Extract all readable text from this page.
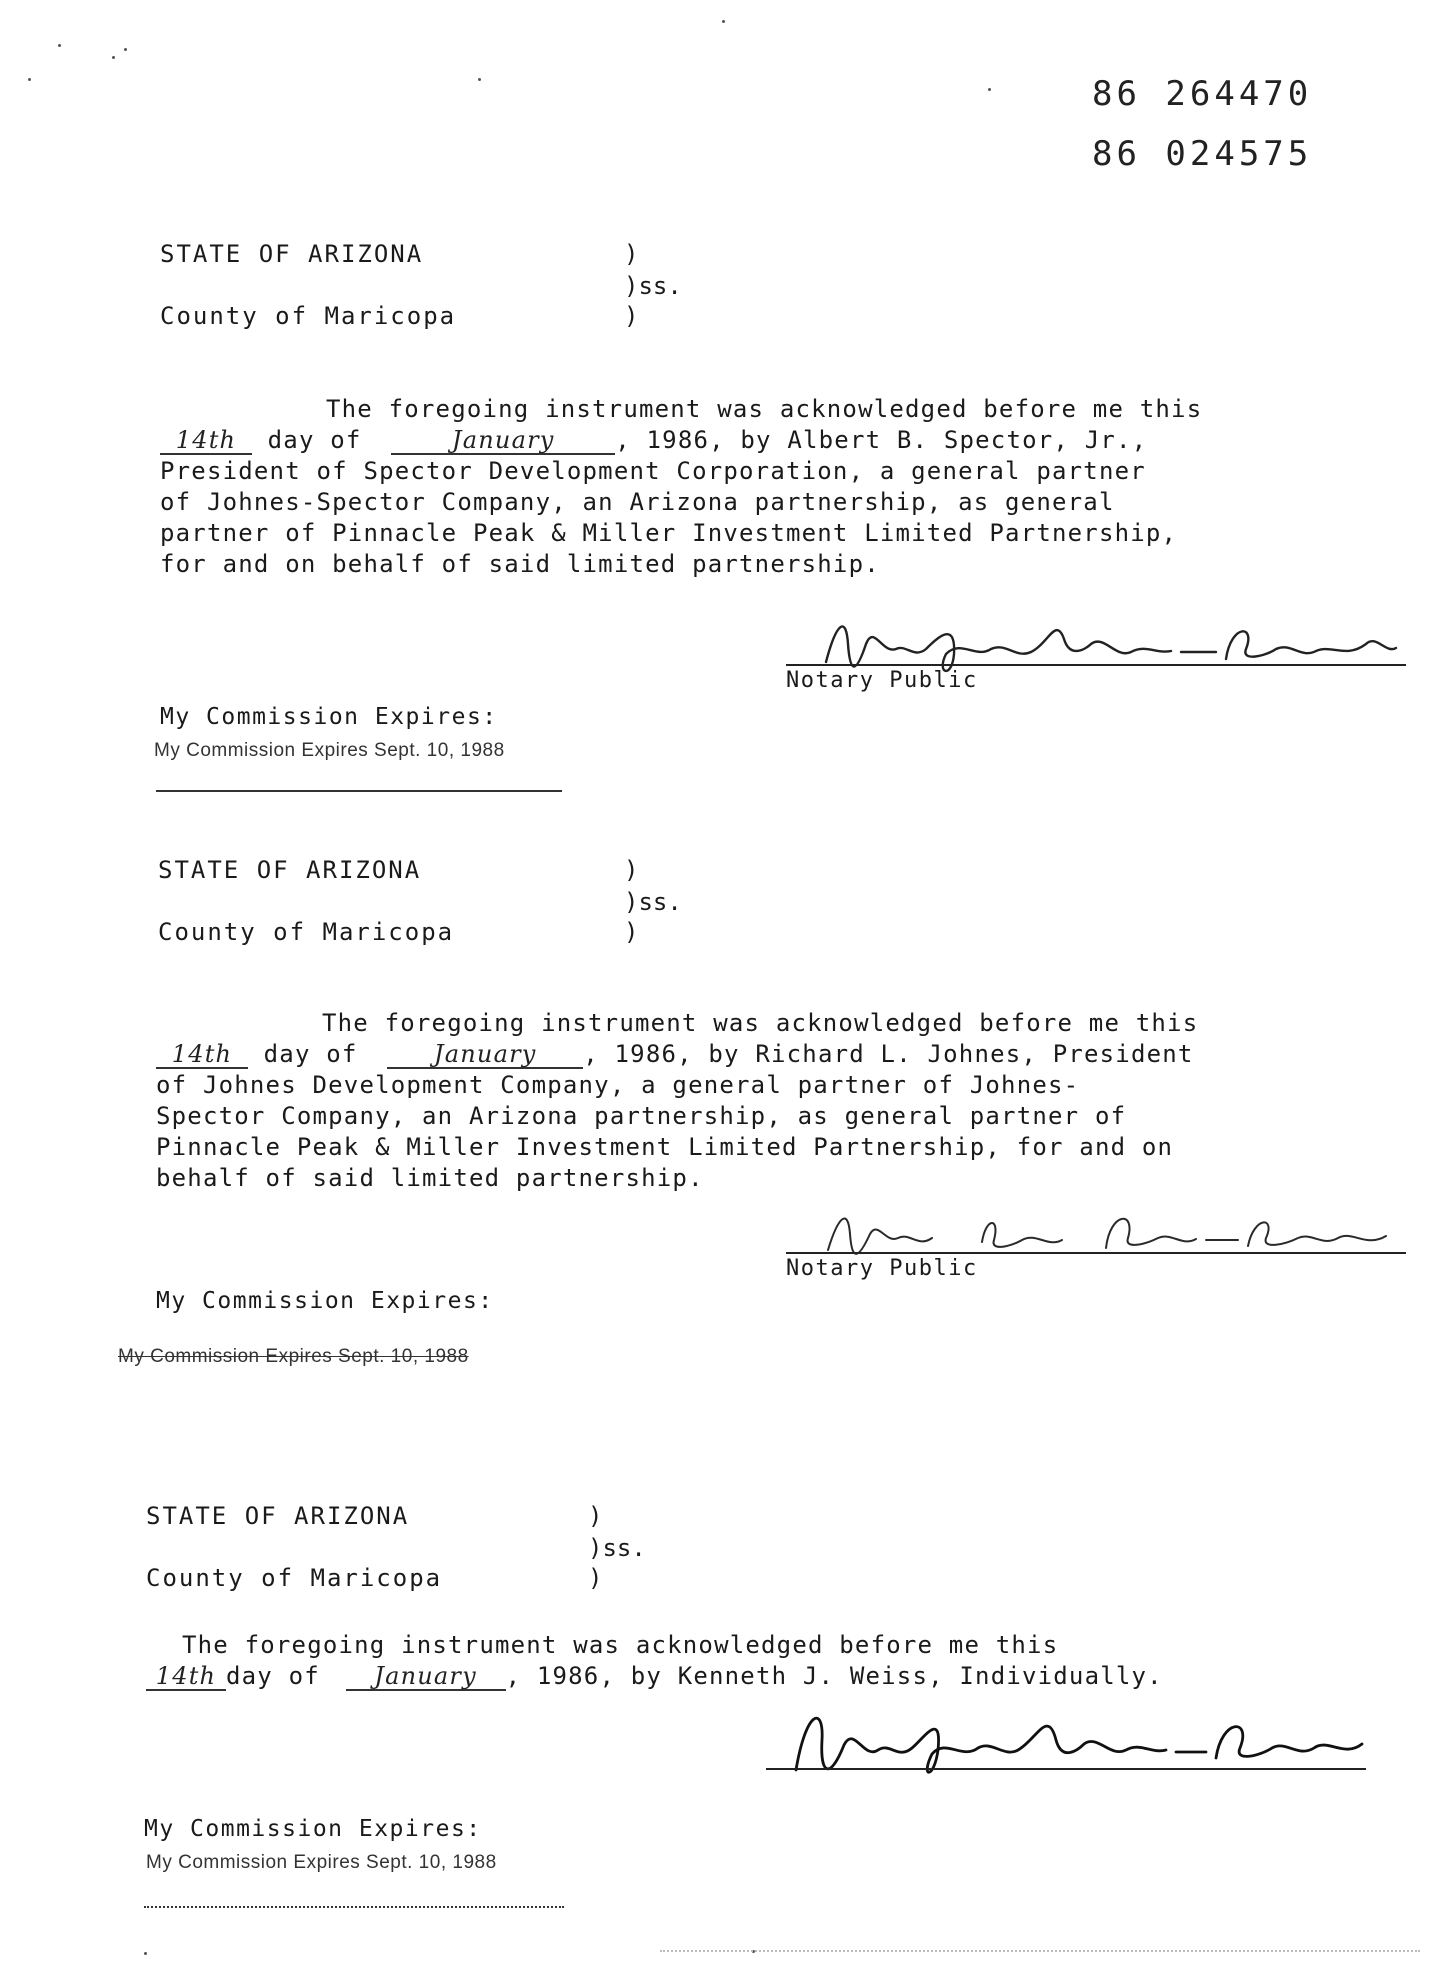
86 264470
86 024575
STATE OF ARIZONA	)
)ss.
County of Maricopa	)

The foregoing instrument was acknowledged before me this

14th day of	January	, 1986, by Albert B. Spector, Jr.,

President of Spector Development Corporation, a general partner

of Johnes-Spector Company, an Arizona partnership, as general

partner of Pinnacle Peak & Miller Investment Limited Partnership,

for and on behalf of said limited partnership.

Notary Public
My Commission Expires:
My Commission Expires Sept. 10, 1988
STATE OF ARIZONA	)
)ss.
County of Maricopa	)

The foregoing instrument was acknowledged before me this

14th day of	January , 1986, by Richard L. Johnes, President

of Johnes Development Company, a general partner of Johnes-

Spector Company, an Arizona partnership, as general partner of

Pinnacle Peak & Miller Investment Limited Partnership, for and on

behalf of said limited partnership.

Notary Public
My Commission Expires:
My Commission Expires Sept. 10, 1988
STATE OF ARIZONA	)
)ss.
County of Maricopa	)

The foregoing instrument was acknowledged before me this

14th day of January , 1986, by Kenneth J. Weiss, Individually.

My Commission Expires:
My Commission Expires Sept. 10, 1988
